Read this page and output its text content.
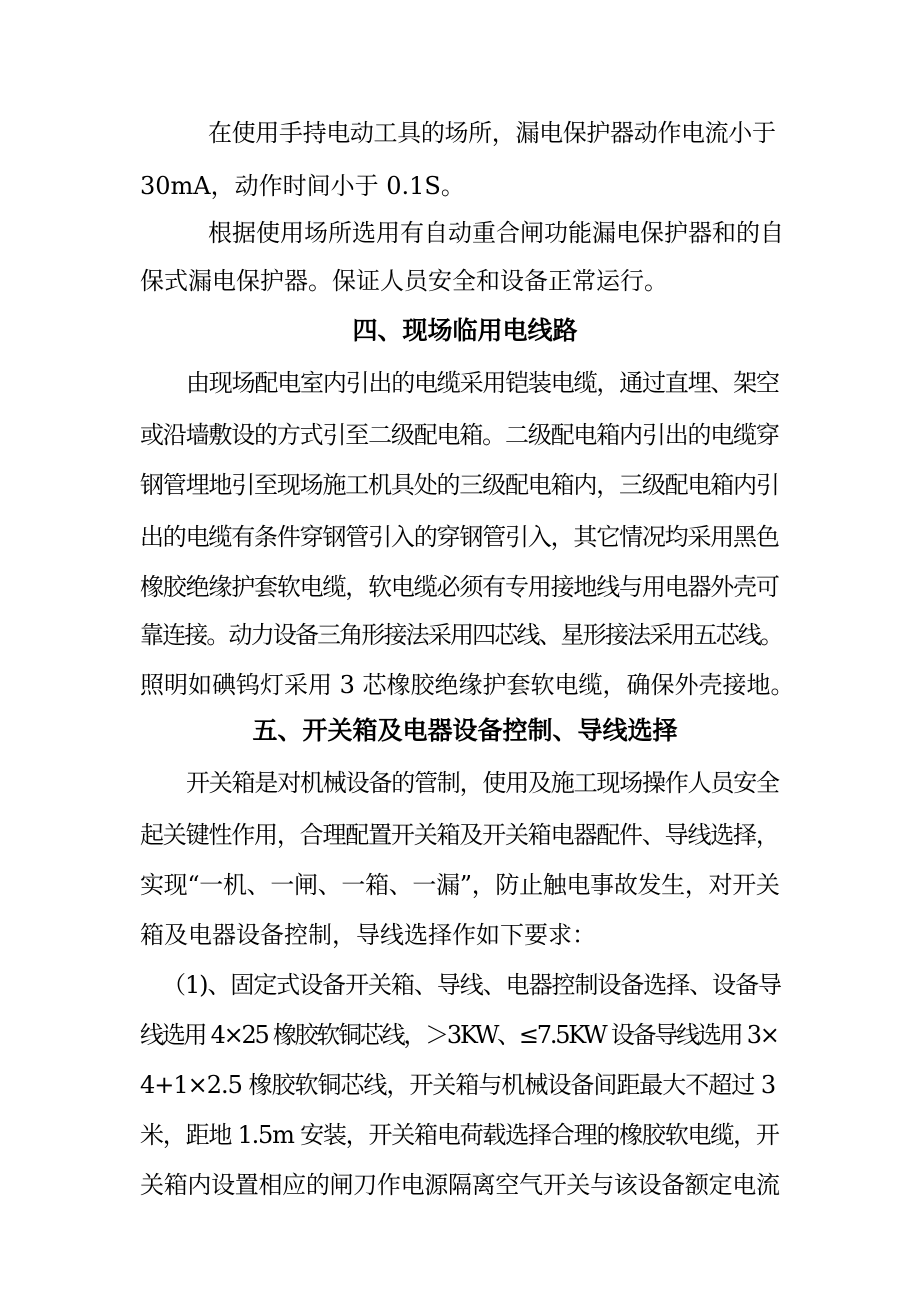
在使用手持电动工具的场所，漏电保护器动作电流小于
30mA，动作时间小于 0.1S。
根据使用场所选用有自动重合闸功能漏电保护器和的自
保式漏电保护器。保证人员安全和设备正常运行。
四、现场临用电线路
由现场配电室内引出的电缆采用铠装电缆，通过直埋、架空
或沿墙敷设的方式引至二级配电箱。二级配电箱内引出的电缆穿
钢管埋地引至现场施工机具处的三级配电箱内，三级配电箱内引
出的电缆有条件穿钢管引入的穿钢管引入，其它情况均采用黑色
橡胶绝缘护套软电缆，软电缆必须有专用接地线与用电器外壳可
靠连接。动力设备三角形接法采用四芯线、星形接法采用五芯线。
照明如碘钨灯采用 3 芯橡胶绝缘护套软电缆，确保外壳接地。
五、开关箱及电器设备控制、导线选择
开关箱是对机械设备的管制，使用及施工现场操作人员安全
起关键性作用，合理配置开关箱及开关箱电器配件、导线选择，
实现“一机、一闸、一箱、一漏”，防止触电事故发生，对开关
箱及电器设备控制，导线选择作如下要求：
（1)、固定式设备开关箱、导线、电器控制设备选择、设备导
线选用 4×25 橡胶软铜芯线，＞3KW、≤7.5KW 设备导线选用 3×
4+1×2.5 橡胶软铜芯线，开关箱与机械设备间距最大不超过 3
米，距地 1.5m 安装，开关箱电荷载选择合理的橡胶软电缆，开
关箱内设置相应的闸刀作电源隔离空气开关与该设备额定电流
